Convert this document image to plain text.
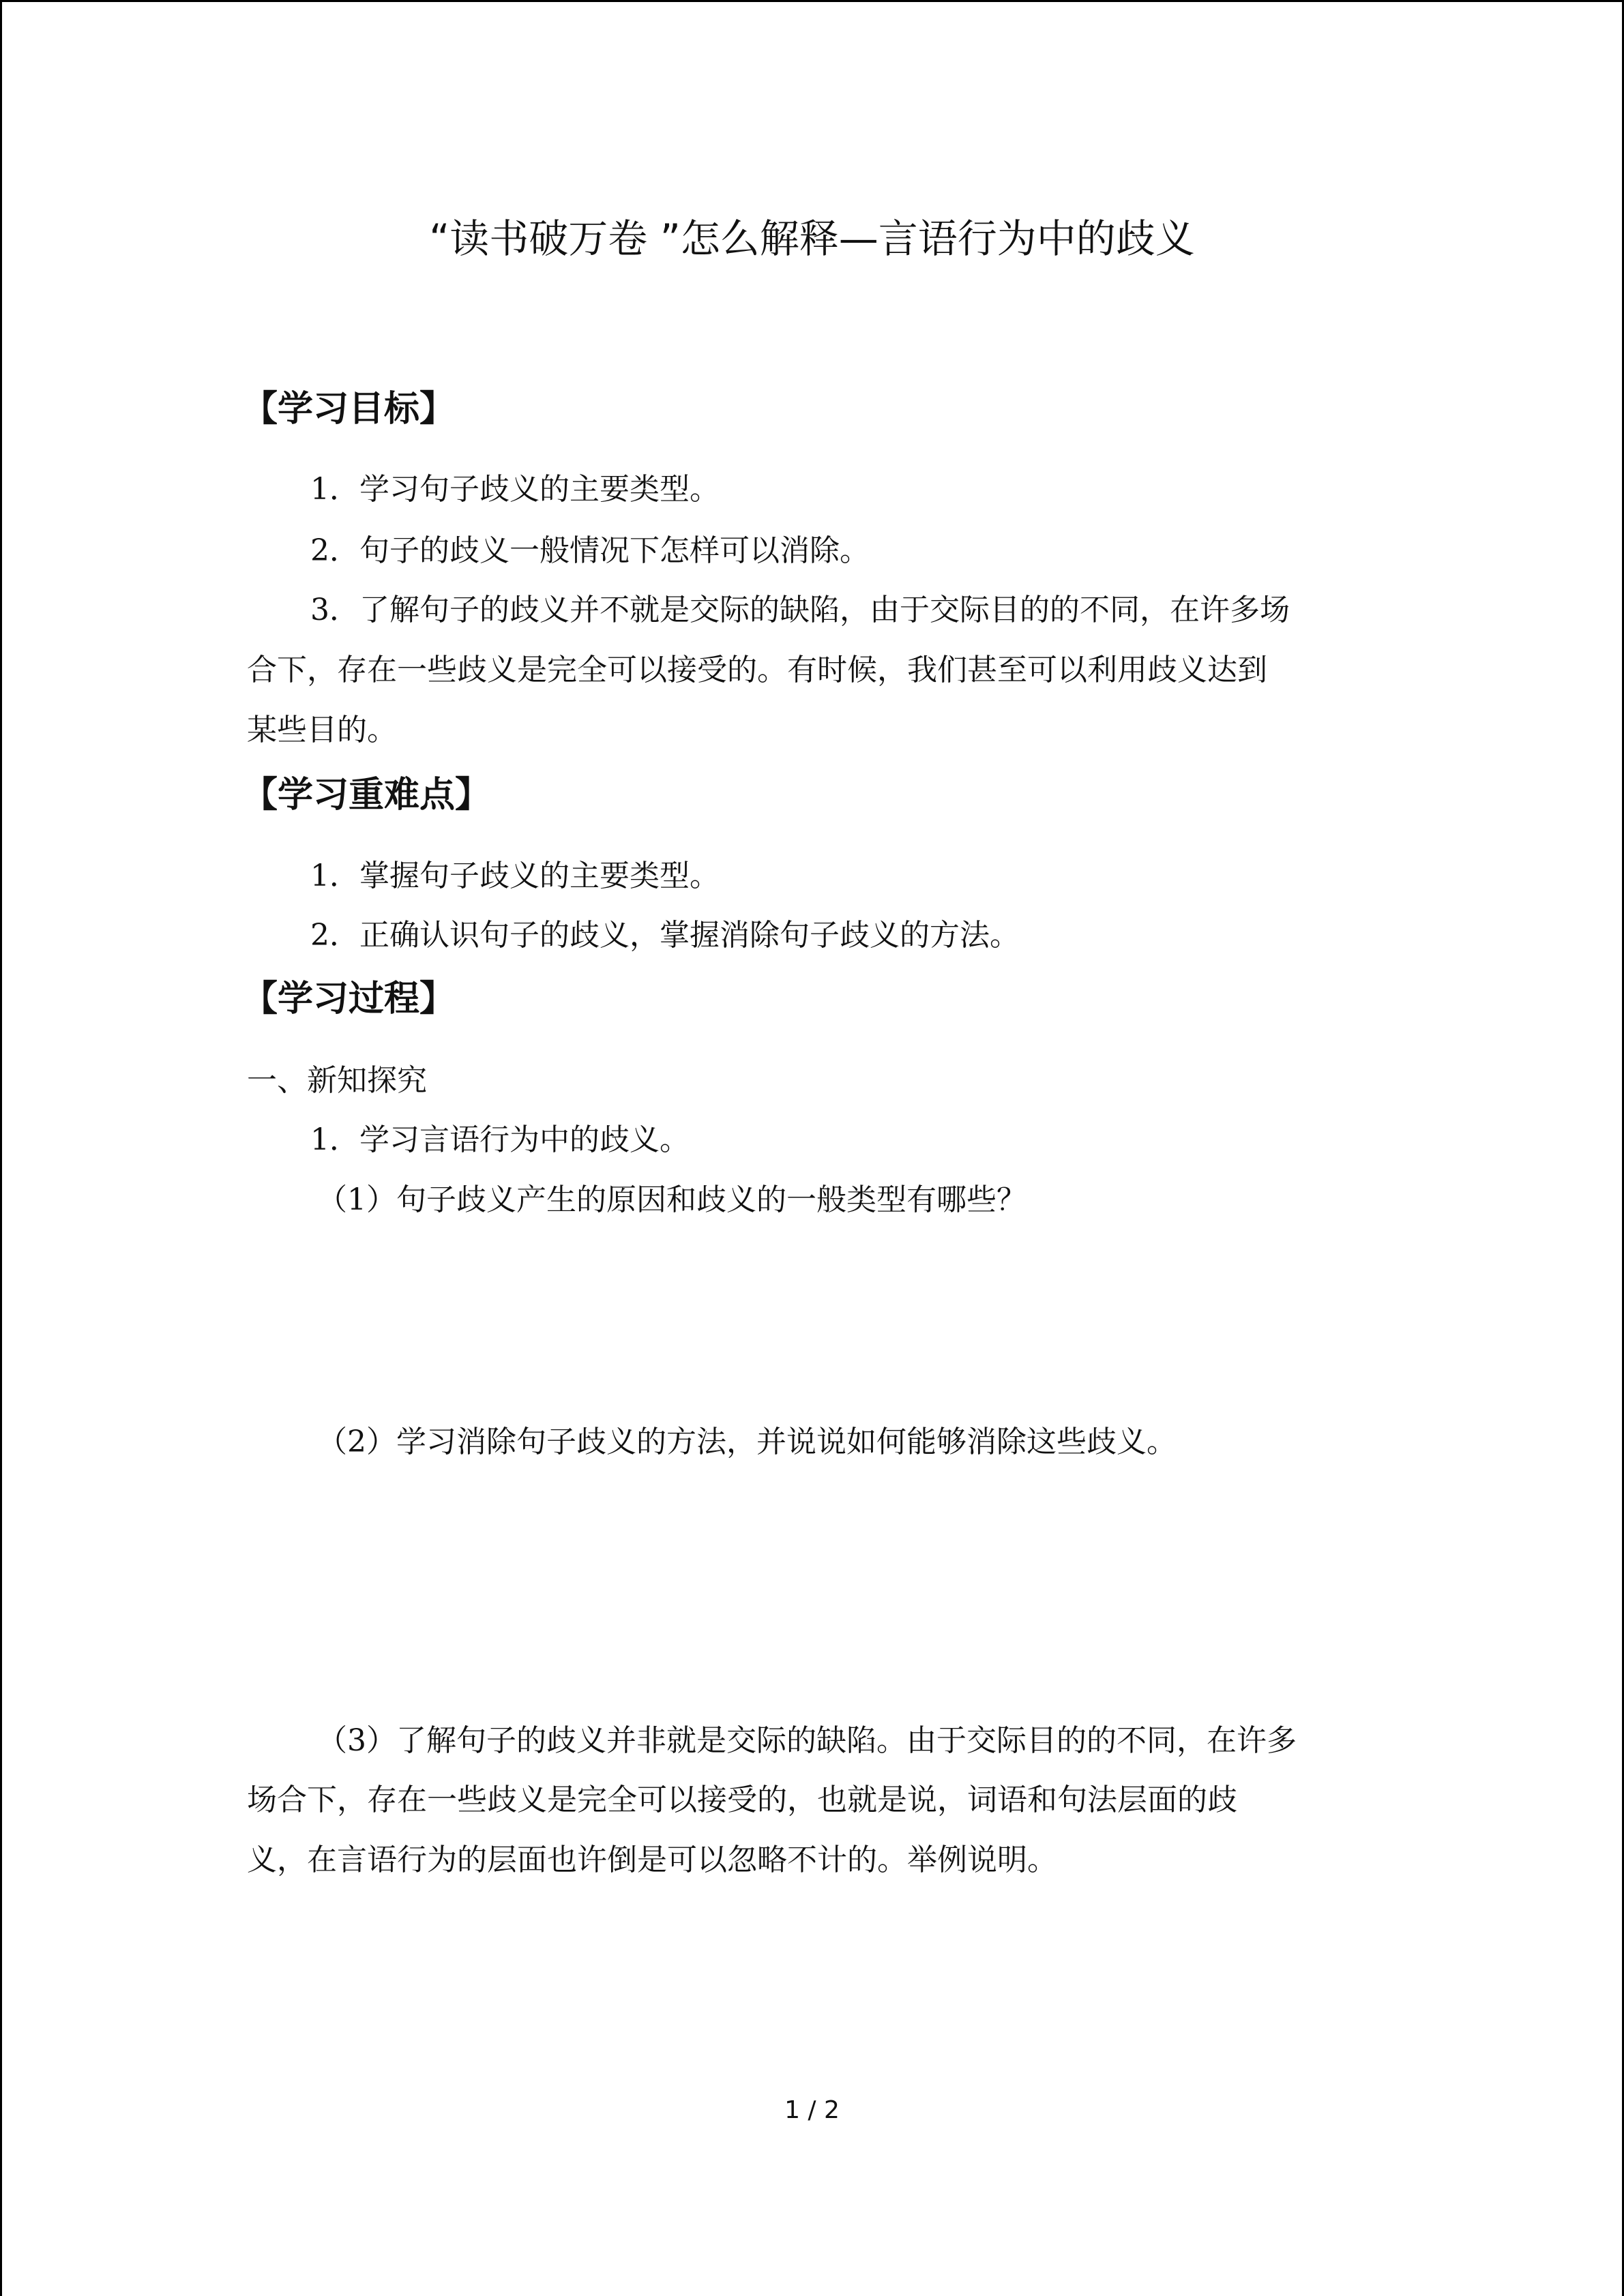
“读书破万卷 ”怎么解释—言语行为中的歧义
【学习目标】
1．学习句子歧义的主要类型。
2．句子的歧义一般情况下怎样可以消除。
3．了解句子的歧义并不就是交际的缺陷，由于交际目的的不同，在许多场
合下，存在一些歧义是完全可以接受的。有时候，我们甚至可以利用歧义达到
某些目的。
【学习重难点】
1．掌握句子歧义的主要类型。
2．正确认识句子的歧义，掌握消除句子歧义的方法。
【学习过程】
一、新知探究
1．学习言语行为中的歧义。
（1）句子歧义产生的原因和歧义的一般类型有哪些？
（2）学习消除句子歧义的方法，并说说如何能够消除这些歧义。
（3）了解句子的歧义并非就是交际的缺陷。由于交际目的的不同，在许多
场合下，存在一些歧义是完全可以接受的，也就是说，词语和句法层面的歧
义，在言语行为的层面也许倒是可以忽略不计的。举例说明。
1 / 2
